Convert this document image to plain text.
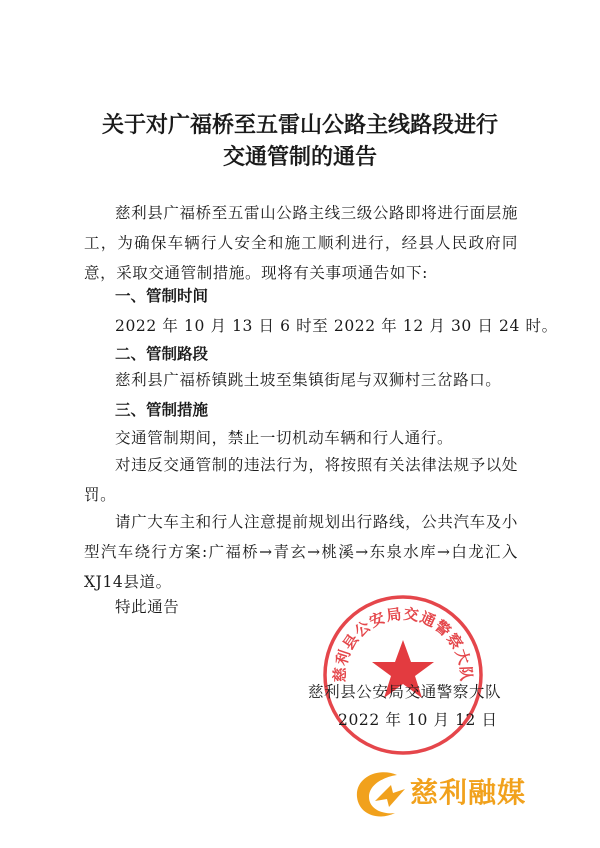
关于对广福桥至五雷山公路主线路段进行
交通管制的通告

慈利县广福桥至五雷山公路主线三级公路即将进行面层施工，为确保车辆行人安全和施工顺利进行，经县人民政府同意，采取交通管制措施。现将有关事项通告如下:

一、管制时间
2022 年 10 月 13 日 6 时至 2022 年 12 月 30 日 24 时。
二、管制路段
慈利县广福桥镇跳土坡至集镇街尾与双狮村三岔路口。
三、管制措施
交通管制期间，禁止一切机动车辆和行人通行。

对违反交通管制的违法行为，将按照有关法律法规予以处罚。

请广大车主和行人注意提前规划出行路线，公共汽车及小型汽车绕行方案:广福桥→青玄→桃溪→东泉水库→白龙汇入XJ14县道。

特此通告
慈利县公安局交通警察大队
慈利县公安局交通警察大队
2022 年 10 月 12 日
慈利融媒
